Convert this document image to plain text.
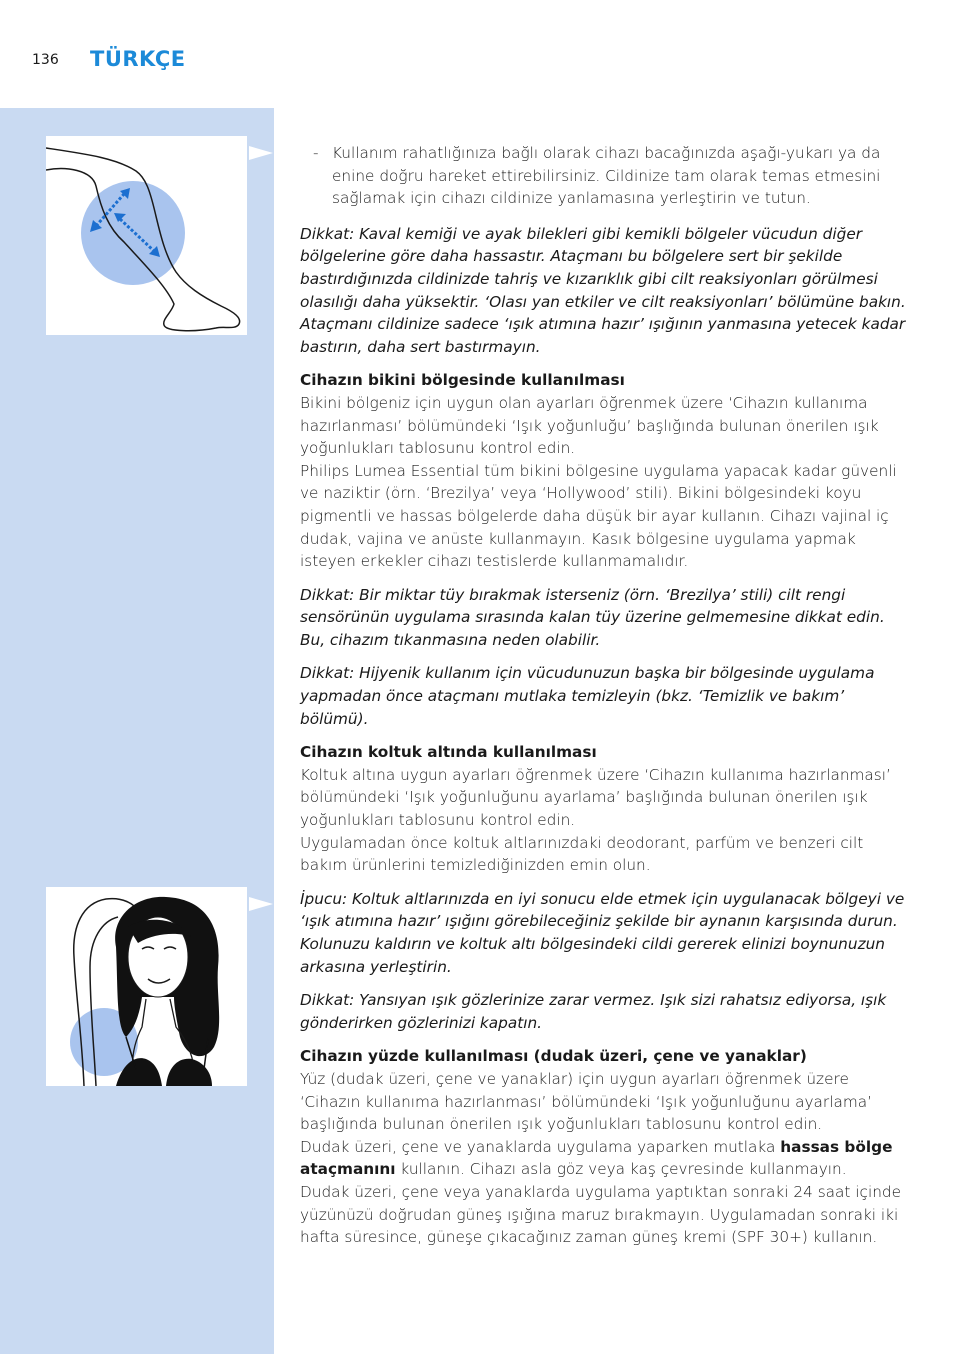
136 TÜRKÇE

- Kullanım rahatlığınıza bağlı olarak cihazı bacağınızda aşağı-yukarı ya da enine doğru hareket ettirebilirsiniz. Cildinize tam olarak temas etmesini sağlamak için cihazı cildinize yanlamasına yerleştirin ve tutun.

Dikkat: Kaval kemiği ve ayak bilekleri gibi kemikli bölgeler vücudun diğer bölgelerine göre daha hassastır. Ataçmanı bu bölgelere sert bir şekilde bastırdığınızda cildinizde tahriş ve kızarıklık gibi cilt reaksiyonları görülmesi olasılığı daha yüksektir. ‘Olası yan etkiler ve cilt reaksiyonları’ bölümüne bakın. Ataçmanı cildinize sadece ‘ışık atımına hazır’ ışığının yanmasına yetecek kadar bastırın, daha sert bastırmayın.

Cihazın bikini bölgesinde kullanılması
Bikini bölgeniz için uygun olan ayarları öğrenmek üzere ‘Cihazın kullanıma hazırlanması’ bölümündeki ‘Işık yoğunluğu’ başlığında bulunan önerilen ışık yoğunlukları tablosunu kontrol edin.
Philips Lumea Essential tüm bikini bölgesine uygulama yapacak kadar güvenli ve naziktir (örn. ‘Brezilya’ veya ‘Hollywood’ stili). Bikini bölgesindeki koyu pigmentli ve hassas bölgelerde daha düşük bir ayar kullanın. Cihazı vajinal iç dudak, vajina ve anüste kullanmayın. Kasık bölgesine uygulama yapmak isteyen erkekler cihazı testislerde kullanmamalıdır.

Dikkat: Bir miktar tüy bırakmak isterseniz (örn. ‘Brezilya’ stili) cilt rengi sensörünün uygulama sırasında kalan tüy üzerine gelmemesine dikkat edin. Bu, cihazım tıkanmasına neden olabilir.

Dikkat: Hijyenik kullanım için vücudunuzun başka bir bölgesinde uygulama yapmadan önce ataçmanı mutlaka temizleyin (bkz. ‘Temizlik ve bakım’ bölümü).

Cihazın koltuk altında kullanılması
Koltuk altına uygun ayarları öğrenmek üzere ‘Cihazın kullanıma hazırlanması’ bölümündeki ‘Işık yoğunluğunu ayarlama’ başlığında bulunan önerilen ışık yoğunlukları tablosunu kontrol edin.
Uygulamadan önce koltuk altlarınızdaki deodorant, parfüm ve benzeri cilt bakım ürünlerini temizlediğinizden emin olun.

İpucu: Koltuk altlarınızda en iyi sonucu elde etmek için uygulanacak bölgeyi ve ‘ışık atımına hazır’ ışığını görebileceğiniz şekilde bir aynanın karşısında durun. Kolunuzu kaldırın ve koltuk altı bölgesindeki cildi gererek elinizi boynunuzun arkasına yerleştirin.

Dikkat: Yansıyan ışık gözlerinize zarar vermez. Işık sizi rahatsız ediyorsa, ışık gönderirken gözlerinizi kapatın.

Cihazın yüzde kullanılması (dudak üzeri, çene ve yanaklar)
Yüz (dudak üzeri, çene ve yanaklar) için uygun ayarları öğrenmek üzere ‘Cihazın kullanıma hazırlanması’ bölümündeki ‘Işık yoğunluğunu ayarlama’ başlığında bulunan önerilen ışık yoğunlukları tablosunu kontrol edin.
Dudak üzeri, çene ve yanaklarda uygulama yaparken mutlaka hassas bölge ataçmanını kullanın. Cihazı asla göz veya kaş çevresinde kullanmayın.
Dudak üzeri, çene veya yanaklarda uygulama yaptıktan sonraki 24 saat içinde yüzünüzü doğrudan güneş ışığına maruz bırakmayın. Uygulamadan sonraki iki hafta süresince, güneşe çıkacağınız zaman güneş kremi (SPF 30+) kullanın.
